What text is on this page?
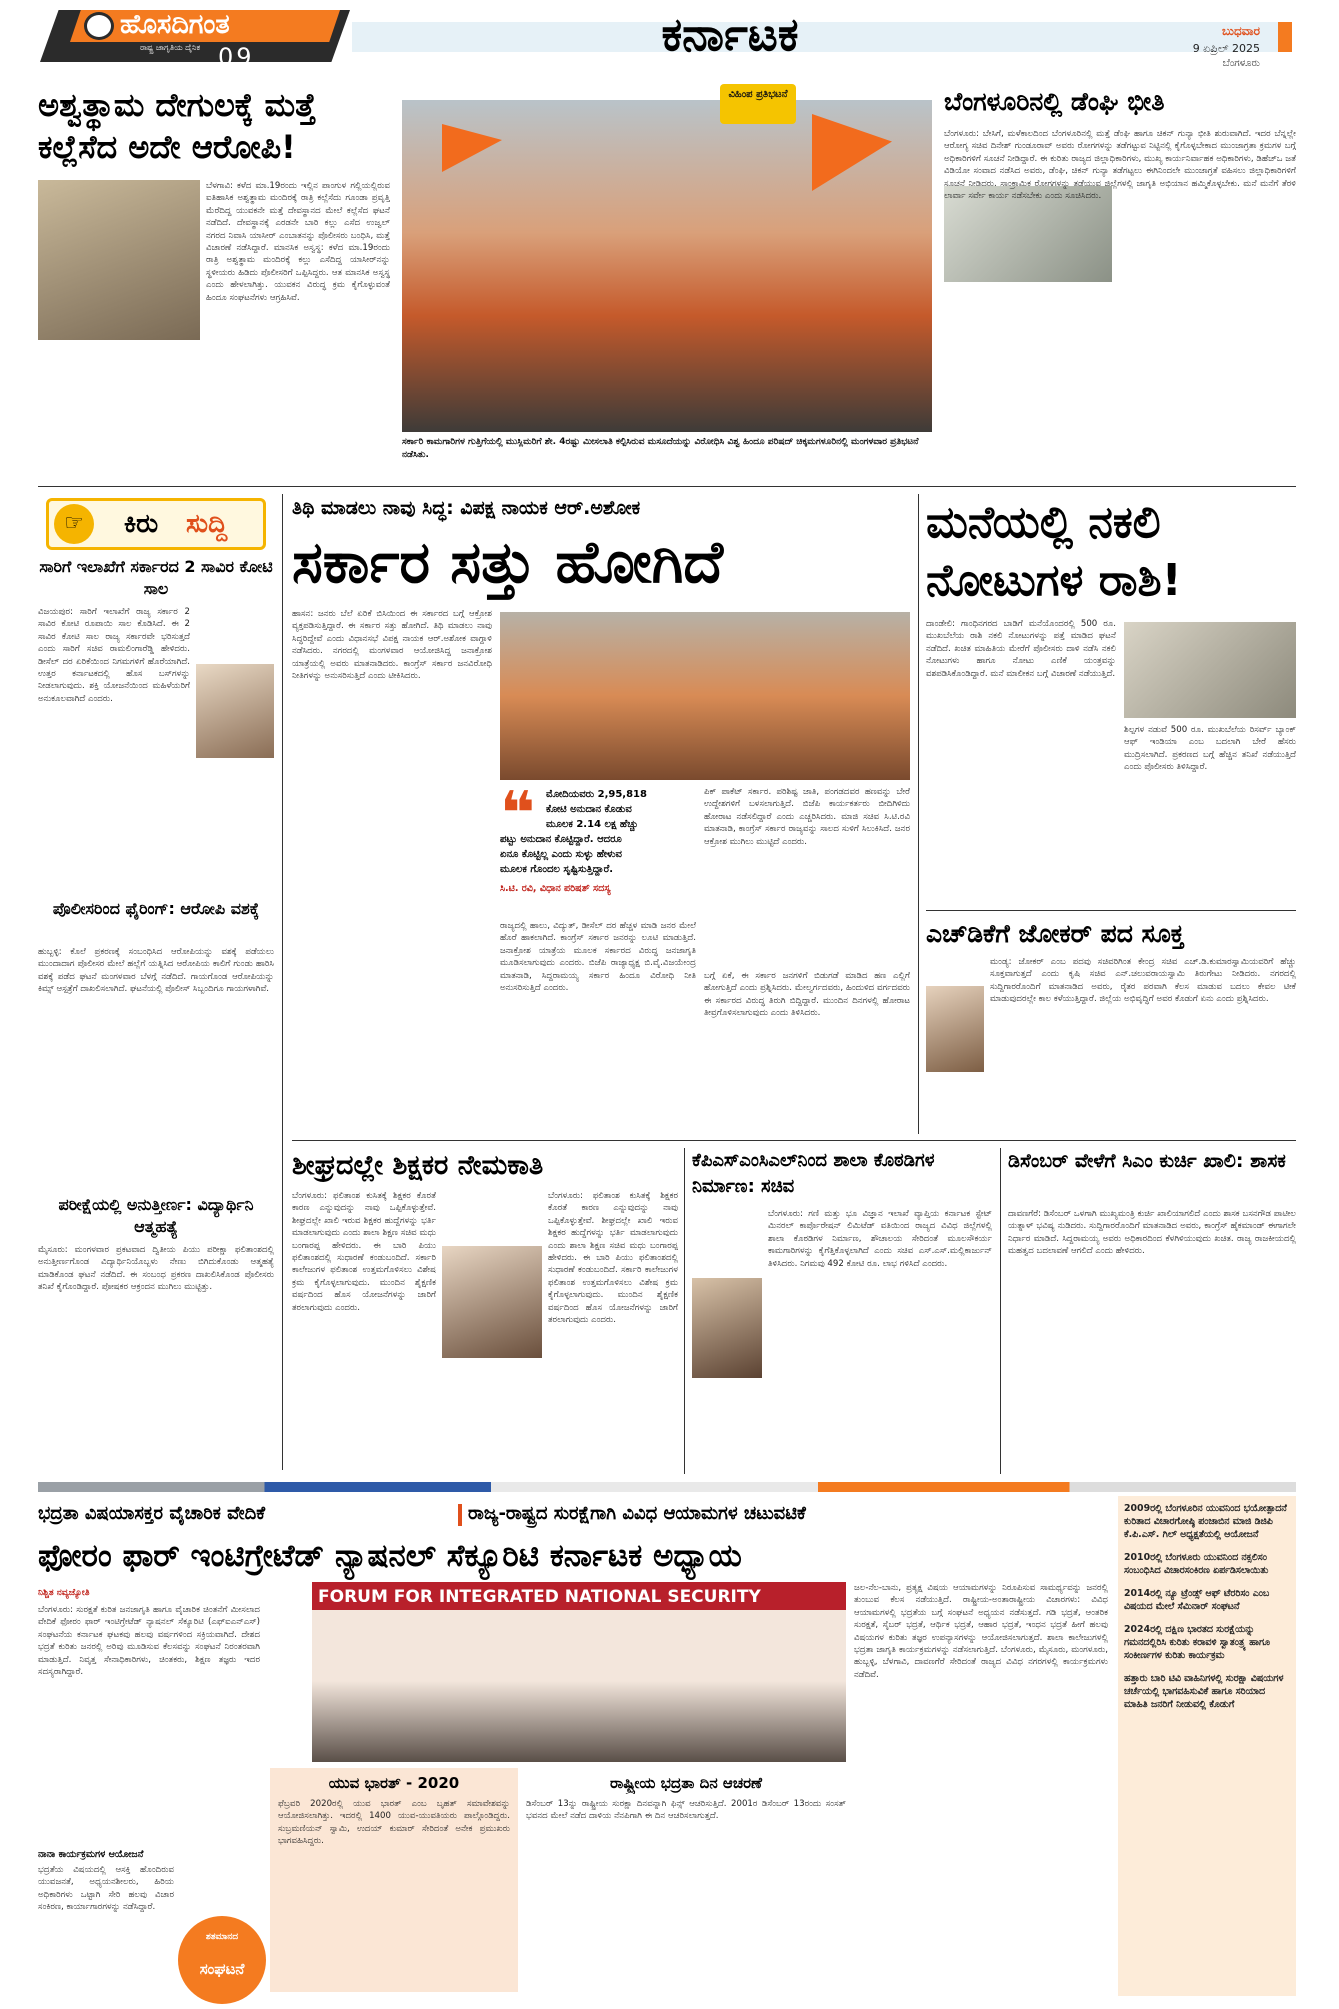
ಹೊಸದಿಗಂತ
ರಾಷ್ಟ್ರ ಜಾಗೃತಿಯ ದೈನಿಕ 09	ಕರ್ನಾಟಕ	ಬುಧವಾರ
9 ಏಪ್ರಿಲ್ 2025
ಬೆಂಗಳೂರು
ಅಶ್ವತ್ಥಾಮ ದೇಗುಲಕ್ಕೆ ಮತ್ತೆ ಕಲ್ಲೆಸೆದ ಅದೇ ಆರೋಪಿ!
ಬೆಳಗಾವಿ: ಕಳೆದ ಮಾ.19ರಂದು ಇಲ್ಲಿನ ಪಾಂಗುಳ ಗಲ್ಲಿಯಲ್ಲಿರುವ ಐತಿಹಾಸಿಕ ಅಶ್ವತ್ಥಾಮ ಮಂದಿರಕ್ಕೆ ರಾತ್ರಿ ಕಲ್ಲೆಸೆದು ಗೂಂಡಾ ಪ್ರವೃತ್ತಿ ಮೆರೆದಿದ್ದ ಯುವಕನೇ ಮತ್ತೆ ದೇವಸ್ಥಾನದ ಮೇಲೆ ಕಲ್ಲೆಸೆದ ಘಟನೆ ನಡೆದಿದೆ. ದೇವಸ್ಥಾನಕ್ಕೆ ಎರಡನೇ ಬಾರಿ ಕಲ್ಲು ಎಸೆದ ಉಜ್ವಲ್ ನಗರದ ನಿವಾಸಿ ಯಾಸೀರ್ ಎಂಬಾತನನ್ನು ಪೊಲೀಸರು ಬಂಧಿಸಿ, ಮತ್ತೆ ವಿಚಾರಣೆ ನಡೆಸಿದ್ದಾರೆ. ಮಾನಸಿಕ ಅಸ್ವಸ್ಥ: ಕಳೆದ ಮಾ.19ರಂದು ರಾತ್ರಿ ಅಶ್ವತ್ಥಾಮ ಮಂದಿರಕ್ಕೆ ಕಲ್ಲು ಎಸೆದಿದ್ದ ಯಾಸೀರ್‌ನನ್ನು ಸ್ಥಳೀಯರು ಹಿಡಿದು ಪೊಲೀಸರಿಗೆ ಒಪ್ಪಿಸಿದ್ದರು. ಆತ ಮಾನಸಿಕ ಅಸ್ವಸ್ಥ ಎಂದು ಹೇಳಲಾಗಿತ್ತು. ಯುವಕನ ವಿರುದ್ಧ ಕ್ರಮ ಕೈಗೊಳ್ಳುವಂತೆ ಹಿಂದೂ ಸಂಘಟನೆಗಳು ಆಗ್ರಹಿಸಿವೆ.
ವಿಹಿಂಪ ಪ್ರತಿಭಟನೆ
ಸರ್ಕಾರಿ ಕಾಮಗಾರಿಗಳ ಗುತ್ತಿಗೆಯಲ್ಲಿ ಮುಸ್ಲಿಮರಿಗೆ ಶೇ. 4ರಷ್ಟು ಮೀಸಲಾತಿ ಕಲ್ಪಿಸಿರುವ ಮಸೂದೆಯನ್ನು ವಿರೋಧಿಸಿ ವಿಶ್ವ ಹಿಂದೂ ಪರಿಷದ್ ಚಿಕ್ಕಮಗಳೂರಿನಲ್ಲಿ ಮಂಗಳವಾರ ಪ್ರತಿಭಟನೆ ನಡೆಸಿತು.
ಬೆಂಗಳೂರಿನಲ್ಲಿ ಡೆಂಘಿ ಭೀತಿ
ಬೆಂಗಳೂರು: ಬೇಸಿಗೆ, ಮಳೆಕಾಲದಿಂದ ಬೆಂಗಳೂರಿನಲ್ಲಿ ಮತ್ತೆ ಡೆಂಘಿ ಹಾಗೂ ಚಿಕನ್ ಗುನ್ಯಾ ಭೀತಿ ಶುರುವಾಗಿದೆ. ಇದರ ಬೆನ್ನಲ್ಲೇ ಆರೋಗ್ಯ ಸಚಿವ ದಿನೇಶ್ ಗುಂಡೂರಾವ್ ಅವರು ರೋಗಗಳನ್ನು ತಡೆಗಟ್ಟುವ ನಿಟ್ಟಿನಲ್ಲಿ ಕೈಗೊಳ್ಳಬೇಕಾದ ಮುಂಜಾಗ್ರತಾ ಕ್ರಮಗಳ ಬಗ್ಗೆ ಅಧಿಕಾರಿಗಳಿಗೆ ಸೂಚನೆ ನೀಡಿದ್ದಾರೆ. ಈ ಕುರಿತು ರಾಜ್ಯದ ಜಿಲ್ಲಾಧಿಕಾರಿಗಳು, ಮುಖ್ಯ ಕಾರ್ಯನಿರ್ವಾಹಕ ಅಧಿಕಾರಿಗಳು, ಡಿಹೆಚ್‌ಒ ಜತೆ ವಿಡಿಯೋ ಸಂವಾದ ನಡೆಸಿದ ಅವರು, ಡೆಂಘಿ, ಚಿಕನ್ ಗುನ್ಯಾ ತಡೆಗಟ್ಟಲು ಈಗಿನಿಂದಲೇ ಮುಂಜಾಗ್ರತೆ ವಹಿಸಲು ಜಿಲ್ಲಾಧಿಕಾರಿಗಳಿಗೆ ಸೂಚನೆ ನೀಡಿದರು. ಸಾಂಕ್ರಾಮಿಕ ರೋಗಗಳನ್ನು ತಡೆಯುವ ಜಿಲ್ಲೆಗಳಲ್ಲಿ ಜಾಗೃತಿ ಅಭಿಯಾನ ಹಮ್ಮಿಕೊಳ್ಳಬೇಕು. ಮನೆ ಮನೆಗೆ ತೆರಳಿ ಲಾರ್ವಾ ಸರ್ವೇ ಕಾರ್ಯ ನಡೆಸಬೇಕು ಎಂದು ಸೂಚಿಸಿದರು.
☞	ಕಿರು	ಸುದ್ದಿ
ಸಾರಿಗೆ ಇಲಾಖೆಗೆ ಸರ್ಕಾರದ 2 ಸಾವಿರ ಕೋಟಿ ಸಾಲ
ವಿಜಯಪುರ: ಸಾರಿಗೆ ಇಲಾಖೆಗೆ ರಾಜ್ಯ ಸರ್ಕಾರ 2 ಸಾವಿರ ಕೋಟಿ ರೂಪಾಯಿ ಸಾಲ ಕೊಡಿಸಿದೆ. ಈ 2 ಸಾವಿರ ಕೋಟಿ ಸಾಲ ರಾಜ್ಯ ಸರ್ಕಾರವೇ ಭರಿಸುತ್ತದೆ ಎಂದು ಸಾರಿಗೆ ಸಚಿವ ರಾಮಲಿಂಗಾರೆಡ್ಡಿ ಹೇಳಿದರು. ಡೀಸೆಲ್ ದರ ಏರಿಕೆಯಿಂದ ನಿಗಮಗಳಿಗೆ ಹೊರೆಯಾಗಿದೆ. ಉತ್ತರ ಕರ್ನಾಟಕದಲ್ಲಿ ಹೊಸ ಬಸ್‌ಗಳನ್ನು ನೀಡಲಾಗುವುದು. ಶಕ್ತಿ ಯೋಜನೆಯಿಂದ ಮಹಿಳೆಯರಿಗೆ ಅನುಕೂಲವಾಗಿದೆ ಎಂದರು.
ಪೊಲೀಸರಿಂದ ಫೈರಿಂಗ್: ಆರೋಪಿ ವಶಕ್ಕೆ
ಹುಬ್ಬಳ್ಳಿ: ಕೊಲೆ ಪ್ರಕರಣಕ್ಕೆ ಸಂಬಂಧಿಸಿದ ಆರೋಪಿಯನ್ನು ವಶಕ್ಕೆ ಪಡೆಯಲು ಮುಂದಾದಾಗ ಪೊಲೀಸರ ಮೇಲೆ ಹಲ್ಲೆಗೆ ಯತ್ನಿಸಿದ ಆರೋಪಿಯ ಕಾಲಿಗೆ ಗುಂಡು ಹಾರಿಸಿ ವಶಕ್ಕೆ ಪಡೆದ ಘಟನೆ ಮಂಗಳವಾರ ಬೆಳಗ್ಗೆ ನಡೆದಿದೆ. ಗಾಯಗೊಂಡ ಆರೋಪಿಯನ್ನು ಕಿಮ್ಸ್ ಆಸ್ಪತ್ರೆಗೆ ದಾಖಲಿಸಲಾಗಿದೆ. ಘಟನೆಯಲ್ಲಿ ಪೊಲೀಸ್ ಸಿಬ್ಬಂದಿಗೂ ಗಾಯಗಳಾಗಿವೆ.
ಪರೀಕ್ಷೆಯಲ್ಲಿ ಅನುತ್ತೀರ್ಣ: ವಿದ್ಯಾರ್ಥಿನಿ ಆತ್ಮಹತ್ಯೆ
ಮೈಸೂರು: ಮಂಗಳವಾರ ಪ್ರಕಟವಾದ ದ್ವಿತೀಯ ಪಿಯು ಪರೀಕ್ಷಾ ಫಲಿತಾಂಶದಲ್ಲಿ ಅನುತ್ತೀರ್ಣಗೊಂಡ ವಿದ್ಯಾರ್ಥಿನಿಯೊಬ್ಬಳು ನೇಣು ಬಿಗಿದುಕೊಂಡು ಆತ್ಮಹತ್ಯೆ ಮಾಡಿಕೊಂಡ ಘಟನೆ ನಡೆದಿದೆ. ಈ ಸಂಬಂಧ ಪ್ರಕರಣ ದಾಖಲಿಸಿಕೊಂಡ ಪೊಲೀಸರು ತನಿಖೆ ಕೈಗೊಂಡಿದ್ದಾರೆ. ಪೋಷಕರ ಆಕ್ರಂದನ ಮುಗಿಲು ಮುಟ್ಟಿತ್ತು.
ತಿಥಿ ಮಾಡಲು ನಾವು ಸಿದ್ಧ: ವಿಪಕ್ಷ ನಾಯಕ ಆರ್.ಅಶೋಕ
ಸರ್ಕಾರ ಸತ್ತು ಹೋಗಿದೆ
ಹಾಸನ: ಜನರು ಬೆಲೆ ಏರಿಕೆ ಬಿಸಿಯಿಂದ ಈ ಸರ್ಕಾರದ ಬಗ್ಗೆ ಆಕ್ರೋಶ ವ್ಯಕ್ತಪಡಿಸುತ್ತಿದ್ದಾರೆ. ಈ ಸರ್ಕಾರ ಸತ್ತು ಹೋಗಿದೆ. ತಿಥಿ ಮಾಡಲು ನಾವು ಸಿದ್ಧರಿದ್ದೇವೆ ಎಂದು ವಿಧಾನಸಭೆ ವಿಪಕ್ಷ ನಾಯಕ ಆರ್.ಅಶೋಕ ವಾಗ್ದಾಳಿ ನಡೆಸಿದರು. ನಗರದಲ್ಲಿ ಮಂಗಳವಾರ ಆಯೋಜಿಸಿದ್ದ ಜನಾಕ್ರೋಶ ಯಾತ್ರೆಯಲ್ಲಿ ಅವರು ಮಾತನಾಡಿದರು. ಕಾಂಗ್ರೆಸ್ ಸರ್ಕಾರ ಜನವಿರೋಧಿ ನೀತಿಗಳನ್ನು ಅನುಸರಿಸುತ್ತಿದೆ ಎಂದು ಟೀಕಿಸಿದರು.
❝	ಮೋದಿಯವರು 2,95,818
ಕೋಟಿ ಅನುದಾನ ಕೊಡುವ
ಮೂಲಕ 2.14 ಲಕ್ಷ ಹೆಚ್ಚು
ಪಟ್ಟು ಅನುದಾನ ಕೊಟ್ಟಿದ್ದಾರೆ. ಆದರೂ
ಏನೂ ಕೊಟ್ಟಿಲ್ಲ ಎಂದು ಸುಳ್ಳು ಹೇಳುವ
ಮೂಲಕ ಗೊಂದಲ ಸೃಷ್ಟಿಸುತ್ತಿದ್ದಾರೆ.
ಸಿ.ಟಿ. ರವಿ, ವಿಧಾನ ಪರಿಷತ್ ಸದಸ್ಯ
ರಾಜ್ಯದಲ್ಲಿ ಹಾಲು, ವಿದ್ಯುತ್, ಡೀಸೆಲ್ ದರ ಹೆಚ್ಚಳ ಮಾಡಿ ಜನರ ಮೇಲೆ ಹೊರೆ ಹಾಕಲಾಗಿದೆ. ಕಾಂಗ್ರೆಸ್ ಸರ್ಕಾರ ಜನರನ್ನು ಲೂಟಿ ಮಾಡುತ್ತಿದೆ. ಜನಾಕ್ರೋಶ ಯಾತ್ರೆಯ ಮೂಲಕ ಸರ್ಕಾರದ ವಿರುದ್ಧ ಜನಜಾಗೃತಿ ಮೂಡಿಸಲಾಗುವುದು ಎಂದರು. ಬಿಜೆಪಿ ರಾಜ್ಯಾಧ್ಯಕ್ಷ ಬಿ.ವೈ.ವಿಜಯೇಂದ್ರ ಮಾತನಾಡಿ, ಸಿದ್ದರಾಮಯ್ಯ ಸರ್ಕಾರ ಹಿಂದೂ ವಿರೋಧಿ ನೀತಿ ಅನುಸರಿಸುತ್ತಿದೆ ಎಂದರು.
ಪಿಕ್ ಪಾಕೆಟ್ ಸರ್ಕಾರ. ಪರಿಶಿಷ್ಟ ಜಾತಿ, ಪಂಗಡದವರ ಹಣವನ್ನು ಬೇರೆ ಉದ್ದೇಶಗಳಿಗೆ ಬಳಸಲಾಗುತ್ತಿದೆ. ಬಿಜೆಪಿ ಕಾರ್ಯಕರ್ತರು ಬೀದಿಗಿಳಿದು ಹೋರಾಟ ನಡೆಸಲಿದ್ದಾರೆ ಎಂದು ಎಚ್ಚರಿಸಿದರು. ಮಾಜಿ ಸಚಿವ ಸಿ.ಟಿ.ರವಿ ಮಾತನಾಡಿ, ಕಾಂಗ್ರೆಸ್ ಸರ್ಕಾರ ರಾಜ್ಯವನ್ನು ಸಾಲದ ಸುಳಿಗೆ ಸಿಲುಕಿಸಿದೆ. ಜನರ ಆಕ್ರೋಶ ಮುಗಿಲು ಮುಟ್ಟಿದೆ ಎಂದರು.
ಬಗ್ಗೆ ಏಕೆ, ಈ ಸರ್ಕಾರ ಜನಗಳಿಗೆ ಬಿಡುಗಡೆ ಮಾಡಿದ ಹಣ ಎಲ್ಲಿಗೆ ಹೋಗುತ್ತಿದೆ ಎಂದು ಪ್ರಶ್ನಿಸಿದರು. ಮೇಲ್ವರ್ಗದವರು, ಹಿಂದುಳಿದ ವರ್ಗದವರು ಈ ಸರ್ಕಾರದ ವಿರುದ್ಧ ತಿರುಗಿ ಬಿದ್ದಿದ್ದಾರೆ. ಮುಂದಿನ ದಿನಗಳಲ್ಲಿ ಹೋರಾಟ ತೀವ್ರಗೊಳಿಸಲಾಗುವುದು ಎಂದು ತಿಳಿಸಿದರು.
ಮನೆಯಲ್ಲಿ ನಕಲಿ ನೋಟುಗಳ ರಾಶಿ!
ದಾಂಡೇಲಿ: ಗಾಂಧಿನಗರದ ಬಾಡಿಗೆ ಮನೆಯೊಂದರಲ್ಲಿ 500 ರೂ. ಮುಖಬೆಲೆಯ ರಾಶಿ ನಕಲಿ ನೋಟುಗಳನ್ನು ಪತ್ತೆ ಮಾಡಿದ ಘಟನೆ ನಡೆದಿದೆ. ಖಚಿತ ಮಾಹಿತಿಯ ಮೇರೆಗೆ ಪೊಲೀಸರು ದಾಳಿ ನಡೆಸಿ ನಕಲಿ ನೋಟುಗಳು ಹಾಗೂ ನೋಟು ಎಣಿಕೆ ಯಂತ್ರವನ್ನು ವಶಪಡಿಸಿಕೊಂಡಿದ್ದಾರೆ. ಮನೆ ಮಾಲೀಕನ ಬಗ್ಗೆ ವಿಚಾರಣೆ ನಡೆಯುತ್ತಿದೆ.
ಶಿಲ್ಪಗಳ ನಡುವೆ 500 ರೂ. ಮುಖಬೆಲೆಯ ರಿಸರ್ವ್ ಬ್ಯಾಂಕ್ ಆಫ್ ಇಂಡಿಯಾ ಎಂಬ ಬದಲಾಗಿ ಬೇರೆ ಹೆಸರು ಮುದ್ರಿಸಲಾಗಿದೆ. ಪ್ರಕರಣದ ಬಗ್ಗೆ ಹೆಚ್ಚಿನ ತನಿಖೆ ನಡೆಯುತ್ತಿದೆ ಎಂದು ಪೊಲೀಸರು ತಿಳಿಸಿದ್ದಾರೆ.
ಎಚ್‌ಡಿಕೆಗೆ ಜೋಕರ್ ಪದ ಸೂಕ್ತ
ಮಂಡ್ಯ: ಜೋಕರ್ ಎಂಬ ಪದವು ಸಚಿವರಿಗಿಂತ ಕೇಂದ್ರ ಸಚಿವ ಎಚ್.ಡಿ.ಕುಮಾರಸ್ವಾಮಿಯವರಿಗೆ ಹೆಚ್ಚು ಸೂಕ್ತವಾಗುತ್ತದೆ ಎಂದು ಕೃಷಿ ಸಚಿವ ಎನ್.ಚಲುವರಾಯಸ್ವಾಮಿ ತಿರುಗೇಟು ನೀಡಿದರು. ನಗರದಲ್ಲಿ ಸುದ್ದಿಗಾರರೊಂದಿಗೆ ಮಾತನಾಡಿದ ಅವರು, ರೈತರ ಪರವಾಗಿ ಕೆಲಸ ಮಾಡುವ ಬದಲು ಕೇವಲ ಟೀಕೆ ಮಾಡುವುದರಲ್ಲೇ ಕಾಲ ಕಳೆಯುತ್ತಿದ್ದಾರೆ. ಜಿಲ್ಲೆಯ ಅಭಿವೃದ್ಧಿಗೆ ಅವರ ಕೊಡುಗೆ ಏನು ಎಂದು ಪ್ರಶ್ನಿಸಿದರು.
ಶೀಘ್ರದಲ್ಲೇ ಶಿಕ್ಷಕರ ನೇಮಕಾತಿ
ಬೆಂಗಳೂರು: ಫಲಿತಾಂಶ ಕುಸಿತಕ್ಕೆ ಶಿಕ್ಷಕರ ಕೊರತೆ ಕಾರಣ ಎನ್ನುವುದನ್ನು ನಾವು ಒಪ್ಪಿಕೊಳ್ಳುತ್ತೇವೆ. ಶೀಘ್ರದಲ್ಲೇ ಖಾಲಿ ಇರುವ ಶಿಕ್ಷಕರ ಹುದ್ದೆಗಳನ್ನು ಭರ್ತಿ ಮಾಡಲಾಗುವುದು ಎಂದು ಶಾಲಾ ಶಿಕ್ಷಣ ಸಚಿವ ಮಧು ಬಂಗಾರಪ್ಪ ಹೇಳಿದರು. ಈ ಬಾರಿ ಪಿಯು ಫಲಿತಾಂಶದಲ್ಲಿ ಸುಧಾರಣೆ ಕಂಡುಬಂದಿದೆ. ಸರ್ಕಾರಿ ಕಾಲೇಜುಗಳ ಫಲಿತಾಂಶ ಉತ್ತಮಗೊಳಿಸಲು ವಿಶೇಷ ಕ್ರಮ ಕೈಗೊಳ್ಳಲಾಗುವುದು. ಮುಂದಿನ ಶೈಕ್ಷಣಿಕ ವರ್ಷದಿಂದ ಹೊಸ ಯೋಜನೆಗಳನ್ನು ಜಾರಿಗೆ ತರಲಾಗುವುದು ಎಂದರು.
ಬೆಂಗಳೂರು: ಫಲಿತಾಂಶ ಕುಸಿತಕ್ಕೆ ಶಿಕ್ಷಕರ ಕೊರತೆ ಕಾರಣ ಎನ್ನುವುದನ್ನು ನಾವು ಒಪ್ಪಿಕೊಳ್ಳುತ್ತೇವೆ. ಶೀಘ್ರದಲ್ಲೇ ಖಾಲಿ ಇರುವ ಶಿಕ್ಷಕರ ಹುದ್ದೆಗಳನ್ನು ಭರ್ತಿ ಮಾಡಲಾಗುವುದು ಎಂದು ಶಾಲಾ ಶಿಕ್ಷಣ ಸಚಿವ ಮಧು ಬಂಗಾರಪ್ಪ ಹೇಳಿದರು. ಈ ಬಾರಿ ಪಿಯು ಫಲಿತಾಂಶದಲ್ಲಿ ಸುಧಾರಣೆ ಕಂಡುಬಂದಿದೆ. ಸರ್ಕಾರಿ ಕಾಲೇಜುಗಳ ಫಲಿತಾಂಶ ಉತ್ತಮಗೊಳಿಸಲು ವಿಶೇಷ ಕ್ರಮ ಕೈಗೊಳ್ಳಲಾಗುವುದು. ಮುಂದಿನ ಶೈಕ್ಷಣಿಕ ವರ್ಷದಿಂದ ಹೊಸ ಯೋಜನೆಗಳನ್ನು ಜಾರಿಗೆ ತರಲಾಗುವುದು ಎಂದರು.
ಕೆಪಿಎಸ್‌ಎಂಸಿಎಲ್‌ನಿಂದ ಶಾಲಾ ಕೊಠಡಿಗಳ ನಿರ್ಮಾಣ: ಸಚಿವ
ಬೆಂಗಳೂರು: ಗಣಿ ಮತ್ತು ಭೂ ವಿಜ್ಞಾನ ಇಲಾಖೆ ವ್ಯಾಪ್ತಿಯ ಕರ್ನಾಟಕ ಸ್ಟೇಟ್ ಮಿನರಲ್ ಕಾರ್ಪೊರೇಷನ್ ಲಿಮಿಟೆಡ್ ವತಿಯಿಂದ ರಾಜ್ಯದ ವಿವಿಧ ಜಿಲ್ಲೆಗಳಲ್ಲಿ ಶಾಲಾ ಕೊಠಡಿಗಳ ನಿರ್ಮಾಣ, ಶೌಚಾಲಯ ಸೇರಿದಂತೆ ಮೂಲಸೌಕರ್ಯ ಕಾಮಗಾರಿಗಳನ್ನು ಕೈಗೆತ್ತಿಕೊಳ್ಳಲಾಗಿದೆ ಎಂದು ಸಚಿವ ಎಸ್.ಎಸ್.ಮಲ್ಲಿಕಾರ್ಜುನ್ ತಿಳಿಸಿದರು. ನಿಗಮವು 492 ಕೋಟಿ ರೂ. ಲಾಭ ಗಳಿಸಿದೆ ಎಂದರು.
ಡಿಸೆಂಬರ್ ವೇಳೆಗೆ ಸಿಎಂ ಕುರ್ಚಿ ಖಾಲಿ: ಶಾಸಕ
ದಾವಣಗೆರೆ: ಡಿಸೆಂಬರ್ ಒಳಗಾಗಿ ಮುಖ್ಯಮಂತ್ರಿ ಕುರ್ಚಿ ಖಾಲಿಯಾಗಲಿದೆ ಎಂದು ಶಾಸಕ ಬಸನಗೌಡ ಪಾಟೀಲ ಯತ್ನಾಳ್ ಭವಿಷ್ಯ ನುಡಿದರು. ಸುದ್ದಿಗಾರರೊಂದಿಗೆ ಮಾತನಾಡಿದ ಅವರು, ಕಾಂಗ್ರೆಸ್ ಹೈಕಮಾಂಡ್ ಈಗಾಗಲೇ ನಿರ್ಧಾರ ಮಾಡಿದೆ. ಸಿದ್ದರಾಮಯ್ಯ ಅವರು ಅಧಿಕಾರದಿಂದ ಕೆಳಗಿಳಿಯುವುದು ಖಚಿತ. ರಾಜ್ಯ ರಾಜಕೀಯದಲ್ಲಿ ಮಹತ್ವದ ಬದಲಾವಣೆ ಆಗಲಿದೆ ಎಂದು ಹೇಳಿದರು.
ಭದ್ರತಾ ವಿಷಯಾಸಕ್ತರ ವೈಚಾರಿಕ ವೇದಿಕೆ	ರಾಜ್ಯ-ರಾಷ್ಟ್ರದ ಸುರಕ್ಷೆಗಾಗಿ ವಿವಿಧ ಆಯಾಮಗಳ ಚಟುವಟಿಕೆ
ಫೋರಂ ಫಾರ್ ಇಂಟಿಗ್ರೇಟೆಡ್ ನ್ಯಾಷನಲ್ ಸೆಕ್ಯೂರಿಟಿ ಕರ್ನಾಟಕ ಅಧ್ಯಾಯ
ನಿಶ್ಚಿತ ನವ್ಯಜ್ಯೋತಿ
ಬೆಂಗಳೂರು: ಸುರಕ್ಷತೆ ಕುರಿತ ಜನಜಾಗೃತಿ ಹಾಗೂ ವೈಚಾರಿಕ ಚಿಂತನೆಗೆ ಮೀಸಲಾದ ವೇದಿಕೆ ಫೋರಂ ಫಾರ್ ಇಂಟಿಗ್ರೇಟೆಡ್ ನ್ಯಾಷನಲ್ ಸೆಕ್ಯೂರಿಟಿ (ಎಫ್‌ಐಎನ್‌ಎಸ್) ಸಂಘಟನೆಯ ಕರ್ನಾಟಕ ಘಟಕವು ಹಲವು ವರ್ಷಗಳಿಂದ ಸಕ್ರಿಯವಾಗಿದೆ. ದೇಶದ ಭದ್ರತೆ ಕುರಿತು ಜನರಲ್ಲಿ ಅರಿವು ಮೂಡಿಸುವ ಕೆಲಸವನ್ನು ಸಂಘಟನೆ ನಿರಂತರವಾಗಿ ಮಾಡುತ್ತಿದೆ. ನಿವೃತ್ತ ಸೇನಾಧಿಕಾರಿಗಳು, ಚಿಂತಕರು, ಶಿಕ್ಷಣ ತಜ್ಞರು ಇದರ ಸದಸ್ಯರಾಗಿದ್ದಾರೆ.
ನಾನಾ ಕಾರ್ಯಕ್ರಮಗಳ ಆಯೋಜನೆ
ಭದ್ರತೆಯ ವಿಷಯದಲ್ಲಿ ಆಸಕ್ತಿ ಹೊಂದಿರುವ ಯುವಜನತೆ, ಅಧ್ಯಯನಶೀಲರು, ಹಿರಿಯ ಅಧಿಕಾರಿಗಳು ಒಟ್ಟಾಗಿ ಸೇರಿ ಹಲವು ವಿಚಾರ ಸಂಕಿರಣ, ಕಾರ್ಯಾಗಾರಗಳನ್ನು ನಡೆಸಿದ್ದಾರೆ.
ಶತಮಾನದ
ಸಂಘಟನೆ
FORUM FOR INTEGRATED NATIONAL SECURITY
ಯುವ ಭಾರತ್ - 2020
ಫೆಬ್ರವರಿ 2020ರಲ್ಲಿ ಯುವ ಭಾರತ್ ಎಂಬ ಬೃಹತ್ ಸಮಾವೇಶವನ್ನು ಆಯೋಜಿಸಲಾಗಿತ್ತು. ಇದರಲ್ಲಿ 1400 ಯುವ-ಯುವತಿಯರು ಪಾಲ್ಗೊಂಡಿದ್ದರು. ಸುಬ್ರಮಣಿಯನ್ ಸ್ವಾಮಿ, ಉದಯ್ ಕುಮಾರ್ ಸೇರಿದಂತೆ ಅನೇಕ ಪ್ರಮುಖರು ಭಾಗವಹಿಸಿದ್ದರು.
ರಾಷ್ಟ್ರೀಯ ಭದ್ರತಾ ದಿನ ಆಚರಣೆ
ಡಿಸೆಂಬರ್ 13ನ್ನು ರಾಷ್ಟ್ರೀಯ ಸುರಕ್ಷಾ ದಿನವನ್ನಾಗಿ ಫಿನ್ಸ್ ಆಚರಿಸುತ್ತಿದೆ. 2001ರ ಡಿಸೆಂಬರ್ 13ರಂದು ಸಂಸತ್ ಭವನದ ಮೇಲೆ ನಡೆದ ದಾಳಿಯ ನೆನಪಿಗಾಗಿ ಈ ದಿನ ಆಚರಿಸಲಾಗುತ್ತದೆ.
ಜಲ-ನೆಲ-ಬಾನು, ಪ್ರತ್ಯಕ್ಷ ವಿಷಯ ಆಯಾಮಗಳನ್ನು ನಿರೂಪಿಸುವ ಸಾಮರ್ಥ್ಯವನ್ನು ಜನರಲ್ಲಿ ತುಂಬುವ ಕೆಲಸ ನಡೆಯುತ್ತಿದೆ. ರಾಷ್ಟ್ರೀಯ-ಅಂತಾರಾಷ್ಟ್ರೀಯ ವಿಚಾರಗಳು: ವಿವಿಧ ಆಯಾಮಗಳಲ್ಲಿ ಭದ್ರತೆಯ ಬಗ್ಗೆ ಸಂಘಟನೆ ಅಧ್ಯಯನ ನಡೆಸುತ್ತದೆ. ಗಡಿ ಭದ್ರತೆ, ಆಂತರಿಕ ಸುರಕ್ಷತೆ, ಸೈಬರ್ ಭದ್ರತೆ, ಆರ್ಥಿಕ ಭದ್ರತೆ, ಆಹಾರ ಭದ್ರತೆ, ಇಂಧನ ಭದ್ರತೆ ಹೀಗೆ ಹಲವು ವಿಷಯಗಳ ಕುರಿತು ತಜ್ಞರ ಉಪನ್ಯಾಸಗಳನ್ನು ಆಯೋಜಿಸಲಾಗುತ್ತದೆ. ಶಾಲಾ ಕಾಲೇಜುಗಳಲ್ಲಿ ಭದ್ರತಾ ಜಾಗೃತಿ ಕಾರ್ಯಕ್ರಮಗಳನ್ನು ನಡೆಸಲಾಗುತ್ತಿದೆ. ಬೆಂಗಳೂರು, ಮೈಸೂರು, ಮಂಗಳೂರು, ಹುಬ್ಬಳ್ಳಿ, ಬೆಳಗಾವಿ, ದಾವಣಗೆರೆ ಸೇರಿದಂತೆ ರಾಜ್ಯದ ವಿವಿಧ ನಗರಗಳಲ್ಲಿ ಕಾರ್ಯಕ್ರಮಗಳು ನಡೆದಿವೆ.

2009ರಲ್ಲಿ ಬೆಂಗಳೂರಿನ ಯುವನಿಂದ ಭಯೋತ್ಪಾದನೆ ಕುರಿತಾದ ವಿಚಾರಗೋಷ್ಠಿ ಪಂಜಾಬಿನ ಮಾಜಿ ಡಿಜಿಪಿ ಕೆ.ಪಿ.ಎಸ್. ಗಿಲ್ ಅಧ್ಯಕ್ಷತೆಯಲ್ಲಿ ಆಯೋಜನೆ

2010ರಲ್ಲಿ ಬೆಂಗಳೂರು ಯುವನಿಂದ ನಕ್ಸಲಿಸಂ ಸಂಬಂಧಿಸಿದ ವಿಚಾರಸಂಕಿರಣ ಏರ್ಪಡಿಸಲಾಯಿತು

2014ರಲ್ಲಿ ನ್ಯೂ ಟ್ರೆಂಡ್ಸ್ ಆಫ್ ಟೆರರಿಸಂ ಎಂಬ ವಿಷಯದ ಮೇಲೆ ಸೆಮಿನಾರ್ ಸಂಘಟನೆ

2024ರಲ್ಲಿ ದಕ್ಷಿಣ ಭಾರತದ ಸುರಕ್ಷೆಯನ್ನು ಗಮನದಲ್ಲಿರಿಸಿ ಕುರಿತು ಕರಾವಳಿ ಸ್ವಾತಂತ್ರ್ಯ ಹಾಗೂ ಸಂಕೀರ್ಣಗಳ ಕುರಿತು ಕಾರ್ಯಕ್ರಮ

ಹತ್ತಾರು ಬಾರಿ ಟಿವಿ ವಾಹಿನಿಗಳಲ್ಲಿ ಸುರಕ್ಷಾ ವಿಷಯಗಳ ಚರ್ಚೆಯಲ್ಲಿ ಭಾಗವಹಿಸುವಿಕೆ ಹಾಗೂ ಸರಿಯಾದ ಮಾಹಿತಿ ಜನರಿಗೆ ನೀಡುವಲ್ಲಿ ಕೊಡುಗೆ
